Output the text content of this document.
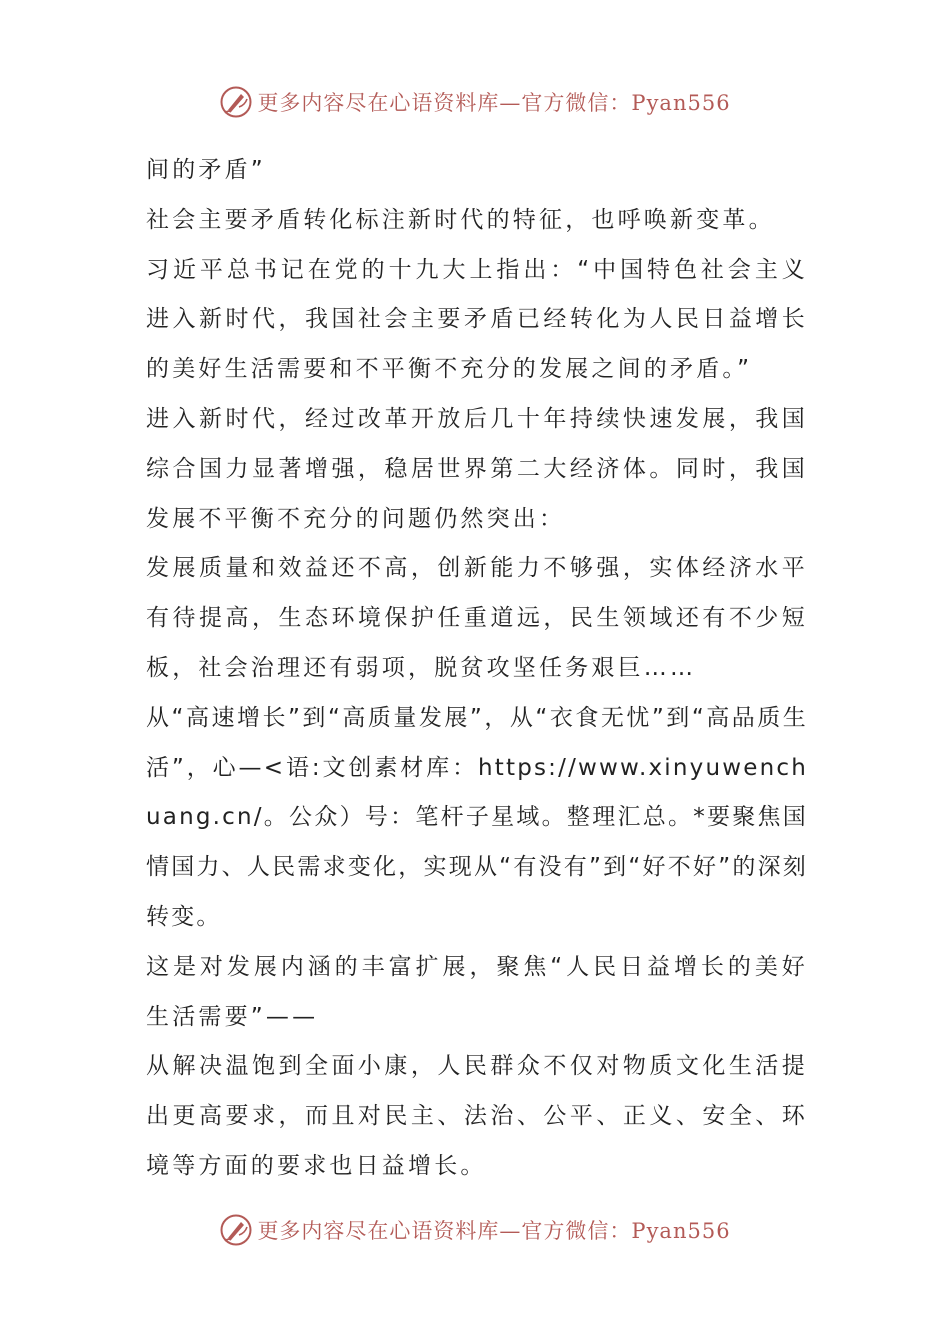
更多内容尽在心语资料库—官方微信：Pyan556

间的矛盾”

社会主要矛盾转化标注新时代的特征，也呼唤新变革。

习近平总书记在党的十九大上指出：“中国特色社会主义进入新时代，我国社会主要矛盾已经转化为人民日益增长的美好生活需要和不平衡不充分的发展之间的矛盾。”

进入新时代，经过改革开放后几十年持续快速发展，我国综合国力显著增强，稳居世界第二大经济体。同时，我国发展不平衡不充分的问题仍然突出：

发展质量和效益还不高，创新能力不够强，实体经济水平有待提高，生态环境保护任重道远，民生领域还有不少短板，社会治理还有弱项，脱贫攻坚任务艰巨……

从“高速增长”到“高质量发展”，从“衣食无忧”到“高品质生活”，心—<语:文创素材库：https://www.xinyuwenchuang.cn/。公众）号：笔杆子星域。整理汇总。*要聚焦国情国力、人民需求变化，实现从“有没有”到“好不好”的深刻转变。

这是对发展内涵的丰富扩展，聚焦“人民日益增长的美好生活需要”——

从解决温饱到全面小康，人民群众不仅对物质文化生活提出更高要求，而且对民主、法治、公平、正义、安全、环境等方面的要求也日益增长。

更多内容尽在心语资料库—官方微信：Pyan556
